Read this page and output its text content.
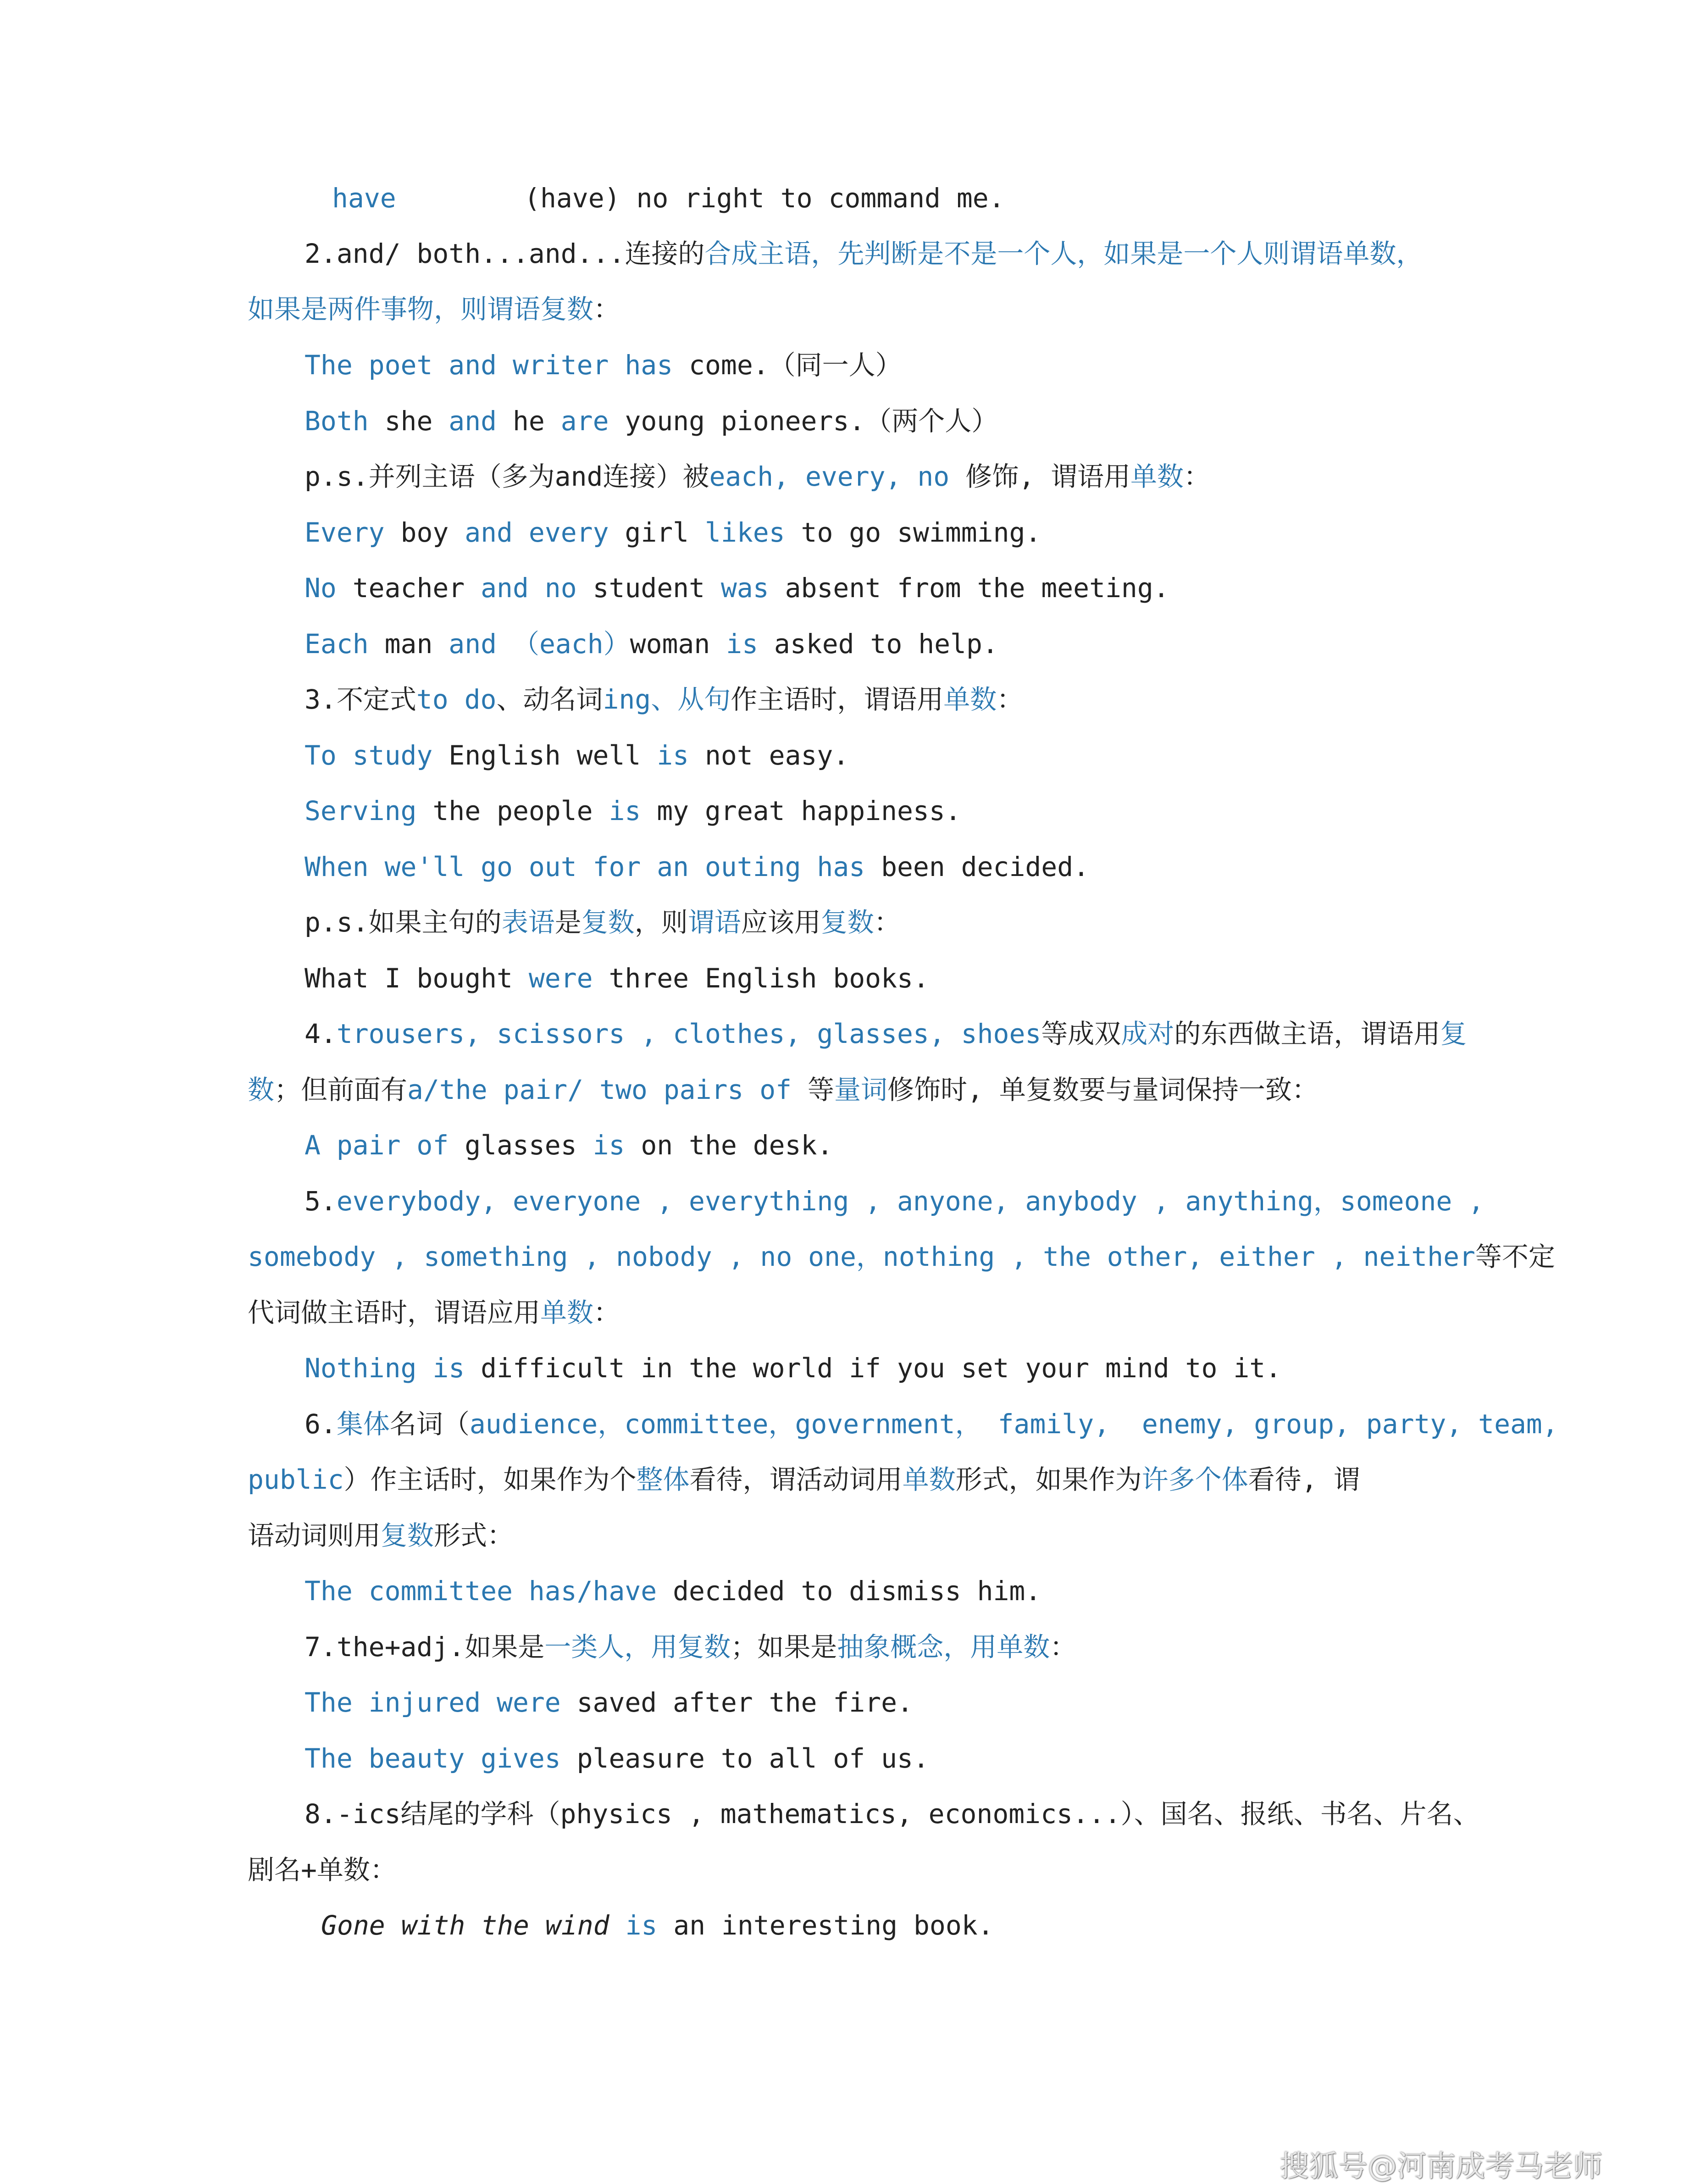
have        (have) no right to command me.
2.and/ both...and...连接的合成主语，先判断是不是一个人，如果是一个人则谓语单数，
如果是两件事物，则谓语复数：
The poet and writer has come.（同一人）
Both she and he are young pioneers.（两个人）
p.s.并列主语（多为and连接）被each, every, no 修饰, 谓语用单数：
Every boy and every girl likes to go swimming.
No teacher and no student was absent from the meeting.
Each man and （each）woman is asked to help.
3.不定式to do、动名词ing、从句作主语时，谓语用单数：
To study English well is not easy.
Serving the people is my great happiness.
When we'll go out for an outing has been decided.
p.s.如果主句的表语是复数，则谓语应该用复数：
What I bought were three English books.
4.trousers, scissors , clothes, glasses, shoes等成双成对的东西做主语，谓语用复
数；但前面有a/the pair/ two pairs of 等量词修饰时, 单复数要与量词保持一致：
A pair of glasses is on the desk.
5.everybody, everyone , everything , anyone, anybody , anything，someone ,
somebody , something , nobody , no one，nothing , the other, either , neither等不定
代词做主语时，谓语应用单数：
Nothing is difficult in the world if you set your mind to it.
6.集体名词（audience，committee，government， family,  enemy, group, party, team,
public）作主话时，如果作为个整体看待，谓活动词用单数形式，如果作为许多个体看待, 谓
语动词则用复数形式：
The committee has/have decided to dismiss him.
7.the+adj.如果是一类人，用复数；如果是抽象概念，用单数：
The injured were saved after the fire.
The beauty gives pleasure to all of us.
8.-ics结尾的学科（physics , mathematics, economics...）、国名、报纸、书名、片名、
剧名+单数：
Gone with the wind is an interesting book.
搜狐号@河南成考马老师
